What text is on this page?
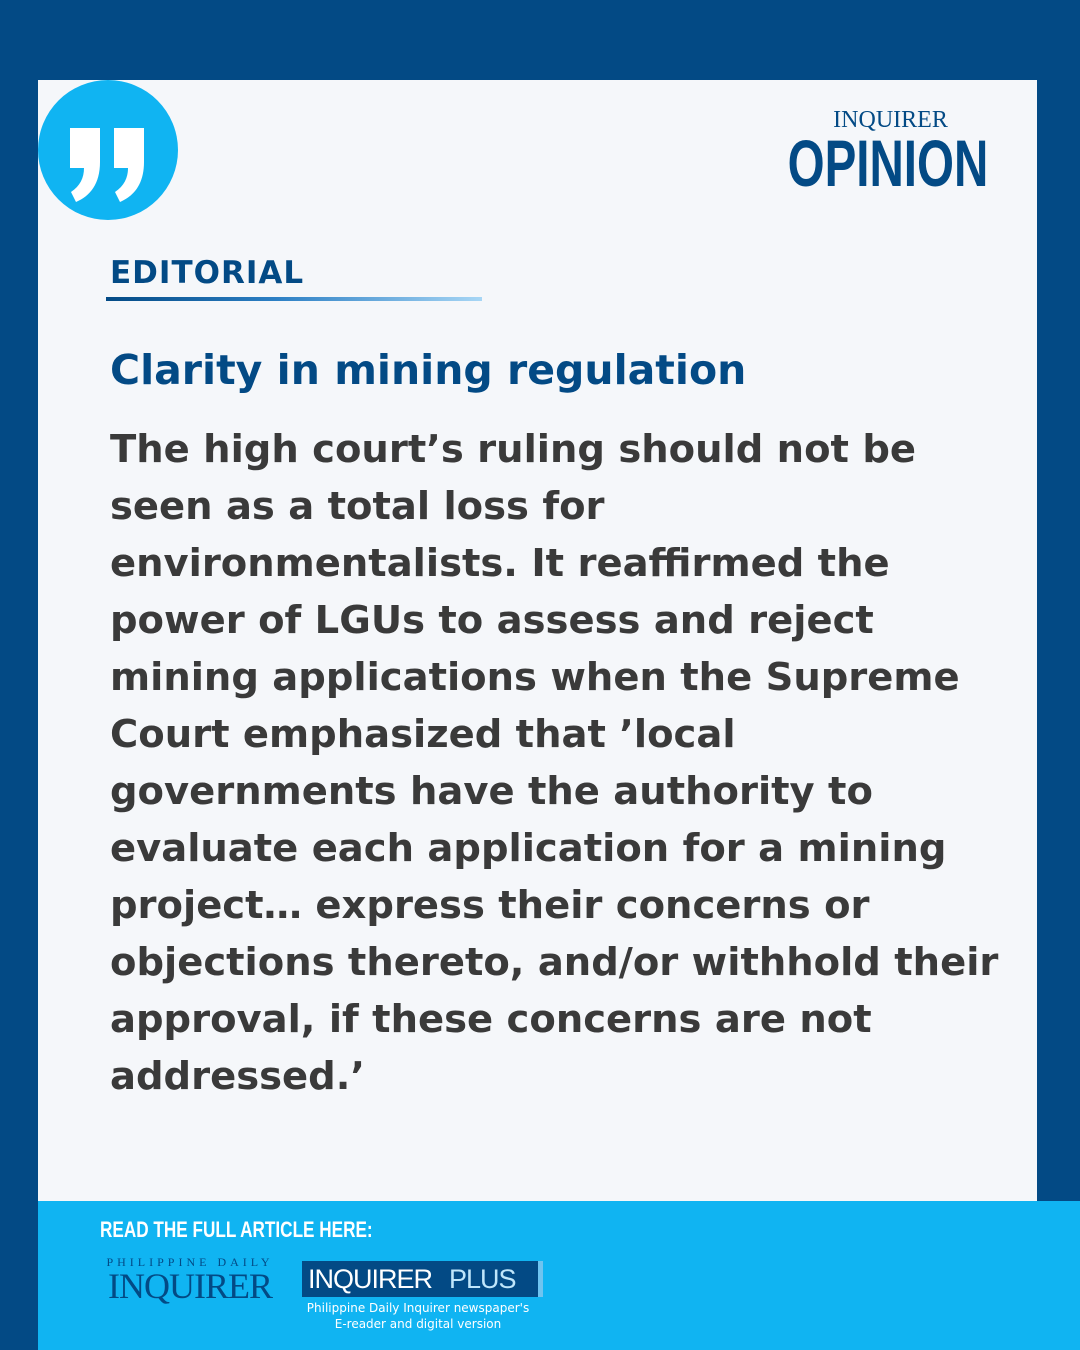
INQUIRER
OPINION
EDITORIAL
Clarity in mining regulation

The high court’s ruling should not be seen as a total loss for environmentalists. It reaffirmed the power of LGUs to assess and reject mining applications when the Supreme Court emphasized that ’local governments have the authority to evaluate each application for a mining project… express their concerns or objections thereto, and/or withhold their approval, if these concerns are not addressed.’

READ THE FULL ARTICLE HERE:
PHILIPPINE DAILY
INQUIRER INQUIRER PLUS
Philippine Daily Inquirer newspaper's
E-reader and digital version
